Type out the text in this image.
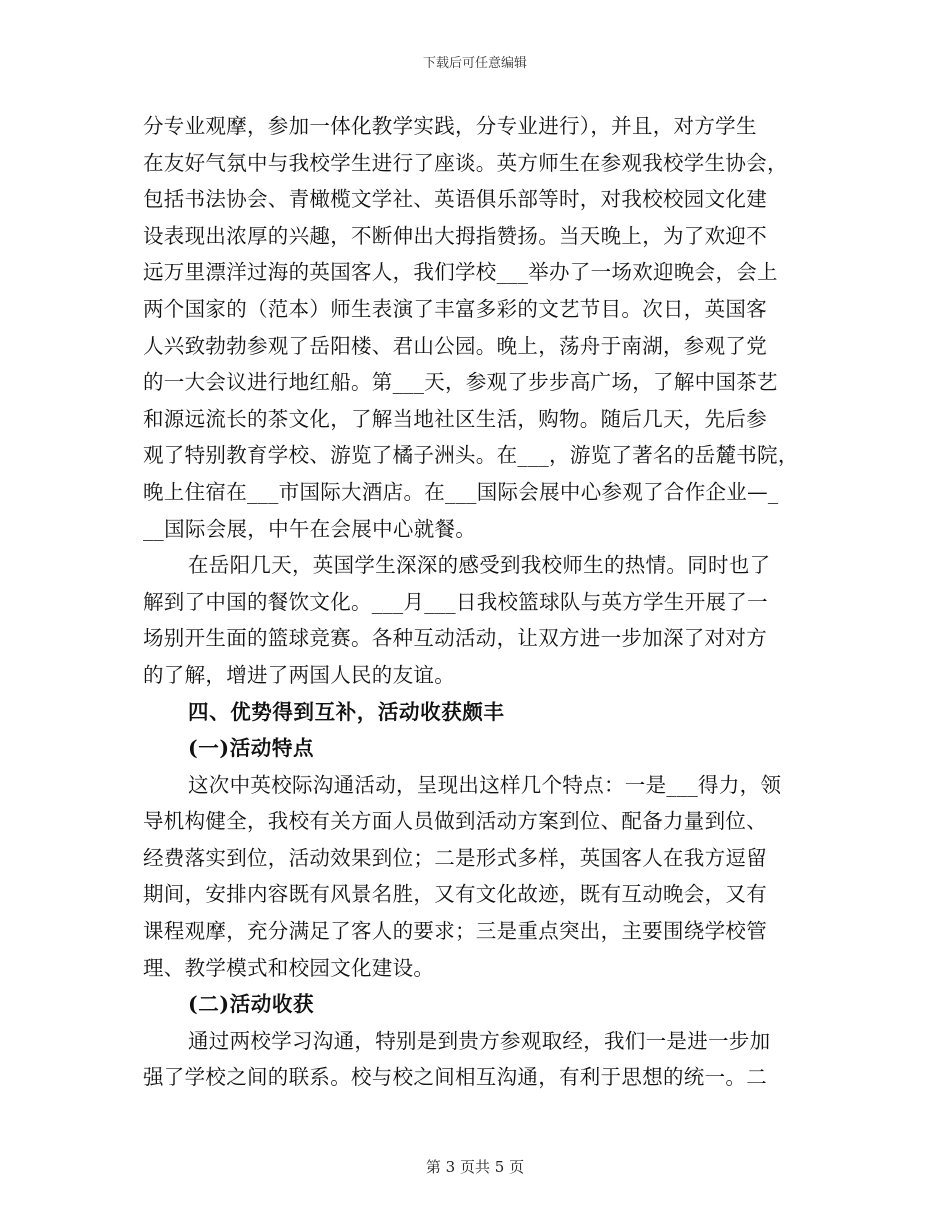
下载后可任意编辑
分专业观摩，参加一体化教学实践，分专业进行），并且，对方学生
在友好气氛中与我校学生进行了座谈。英方师生在参观我校学生协会，
包括书法协会、青橄榄文学社、英语俱乐部等时，对我校校园文化建
设表现出浓厚的兴趣，不断伸出大拇指赞扬。当天晚上，为了欢迎不
远万里漂洋过海的英国客人，我们学校___举办了一场欢迎晚会，会上
两个国家的（范本）师生表演了丰富多彩的文艺节目。次日，英国客
人兴致勃勃参观了岳阳楼、君山公园。晚上，荡舟于南湖，参观了党
的一大会议进行地红船。第___天，参观了步步高广场，了解中国茶艺
和源远流长的茶文化，了解当地社区生活，购物。随后几天，先后参
观了特别教育学校、游览了橘子洲头。在___，游览了著名的岳麓书院，
晚上住宿在___市国际大酒店。在___国际会展中心参观了合作企业—_
__国际会展，中午在会展中心就餐。
在岳阳几天，英国学生深深的感受到我校师生的热情。同时也了
解到了中国的餐饮文化。___月___日我校篮球队与英方学生开展了一
场别开生面的篮球竞赛。各种互动活动，让双方进一步加深了对对方
的了解，增进了两国人民的友谊。
四、优势得到互补，活动收获颇丰
(一)活动特点
这次中英校际沟通活动，呈现出这样几个特点：一是___得力，领
导机构健全，我校有关方面人员做到活动方案到位、配备力量到位、
经费落实到位，活动效果到位；二是形式多样，英国客人在我方逗留
期间，安排内容既有风景名胜，又有文化故迹，既有互动晚会，又有
课程观摩，充分满足了客人的要求；三是重点突出，主要围绕学校管
理、教学模式和校园文化建设。
(二)活动收获
通过两校学习沟通，特别是到贵方参观取经，我们一是进一步加
强了学校之间的联系。校与校之间相互沟通，有利于思想的统一。二
第 3 页共 5 页
